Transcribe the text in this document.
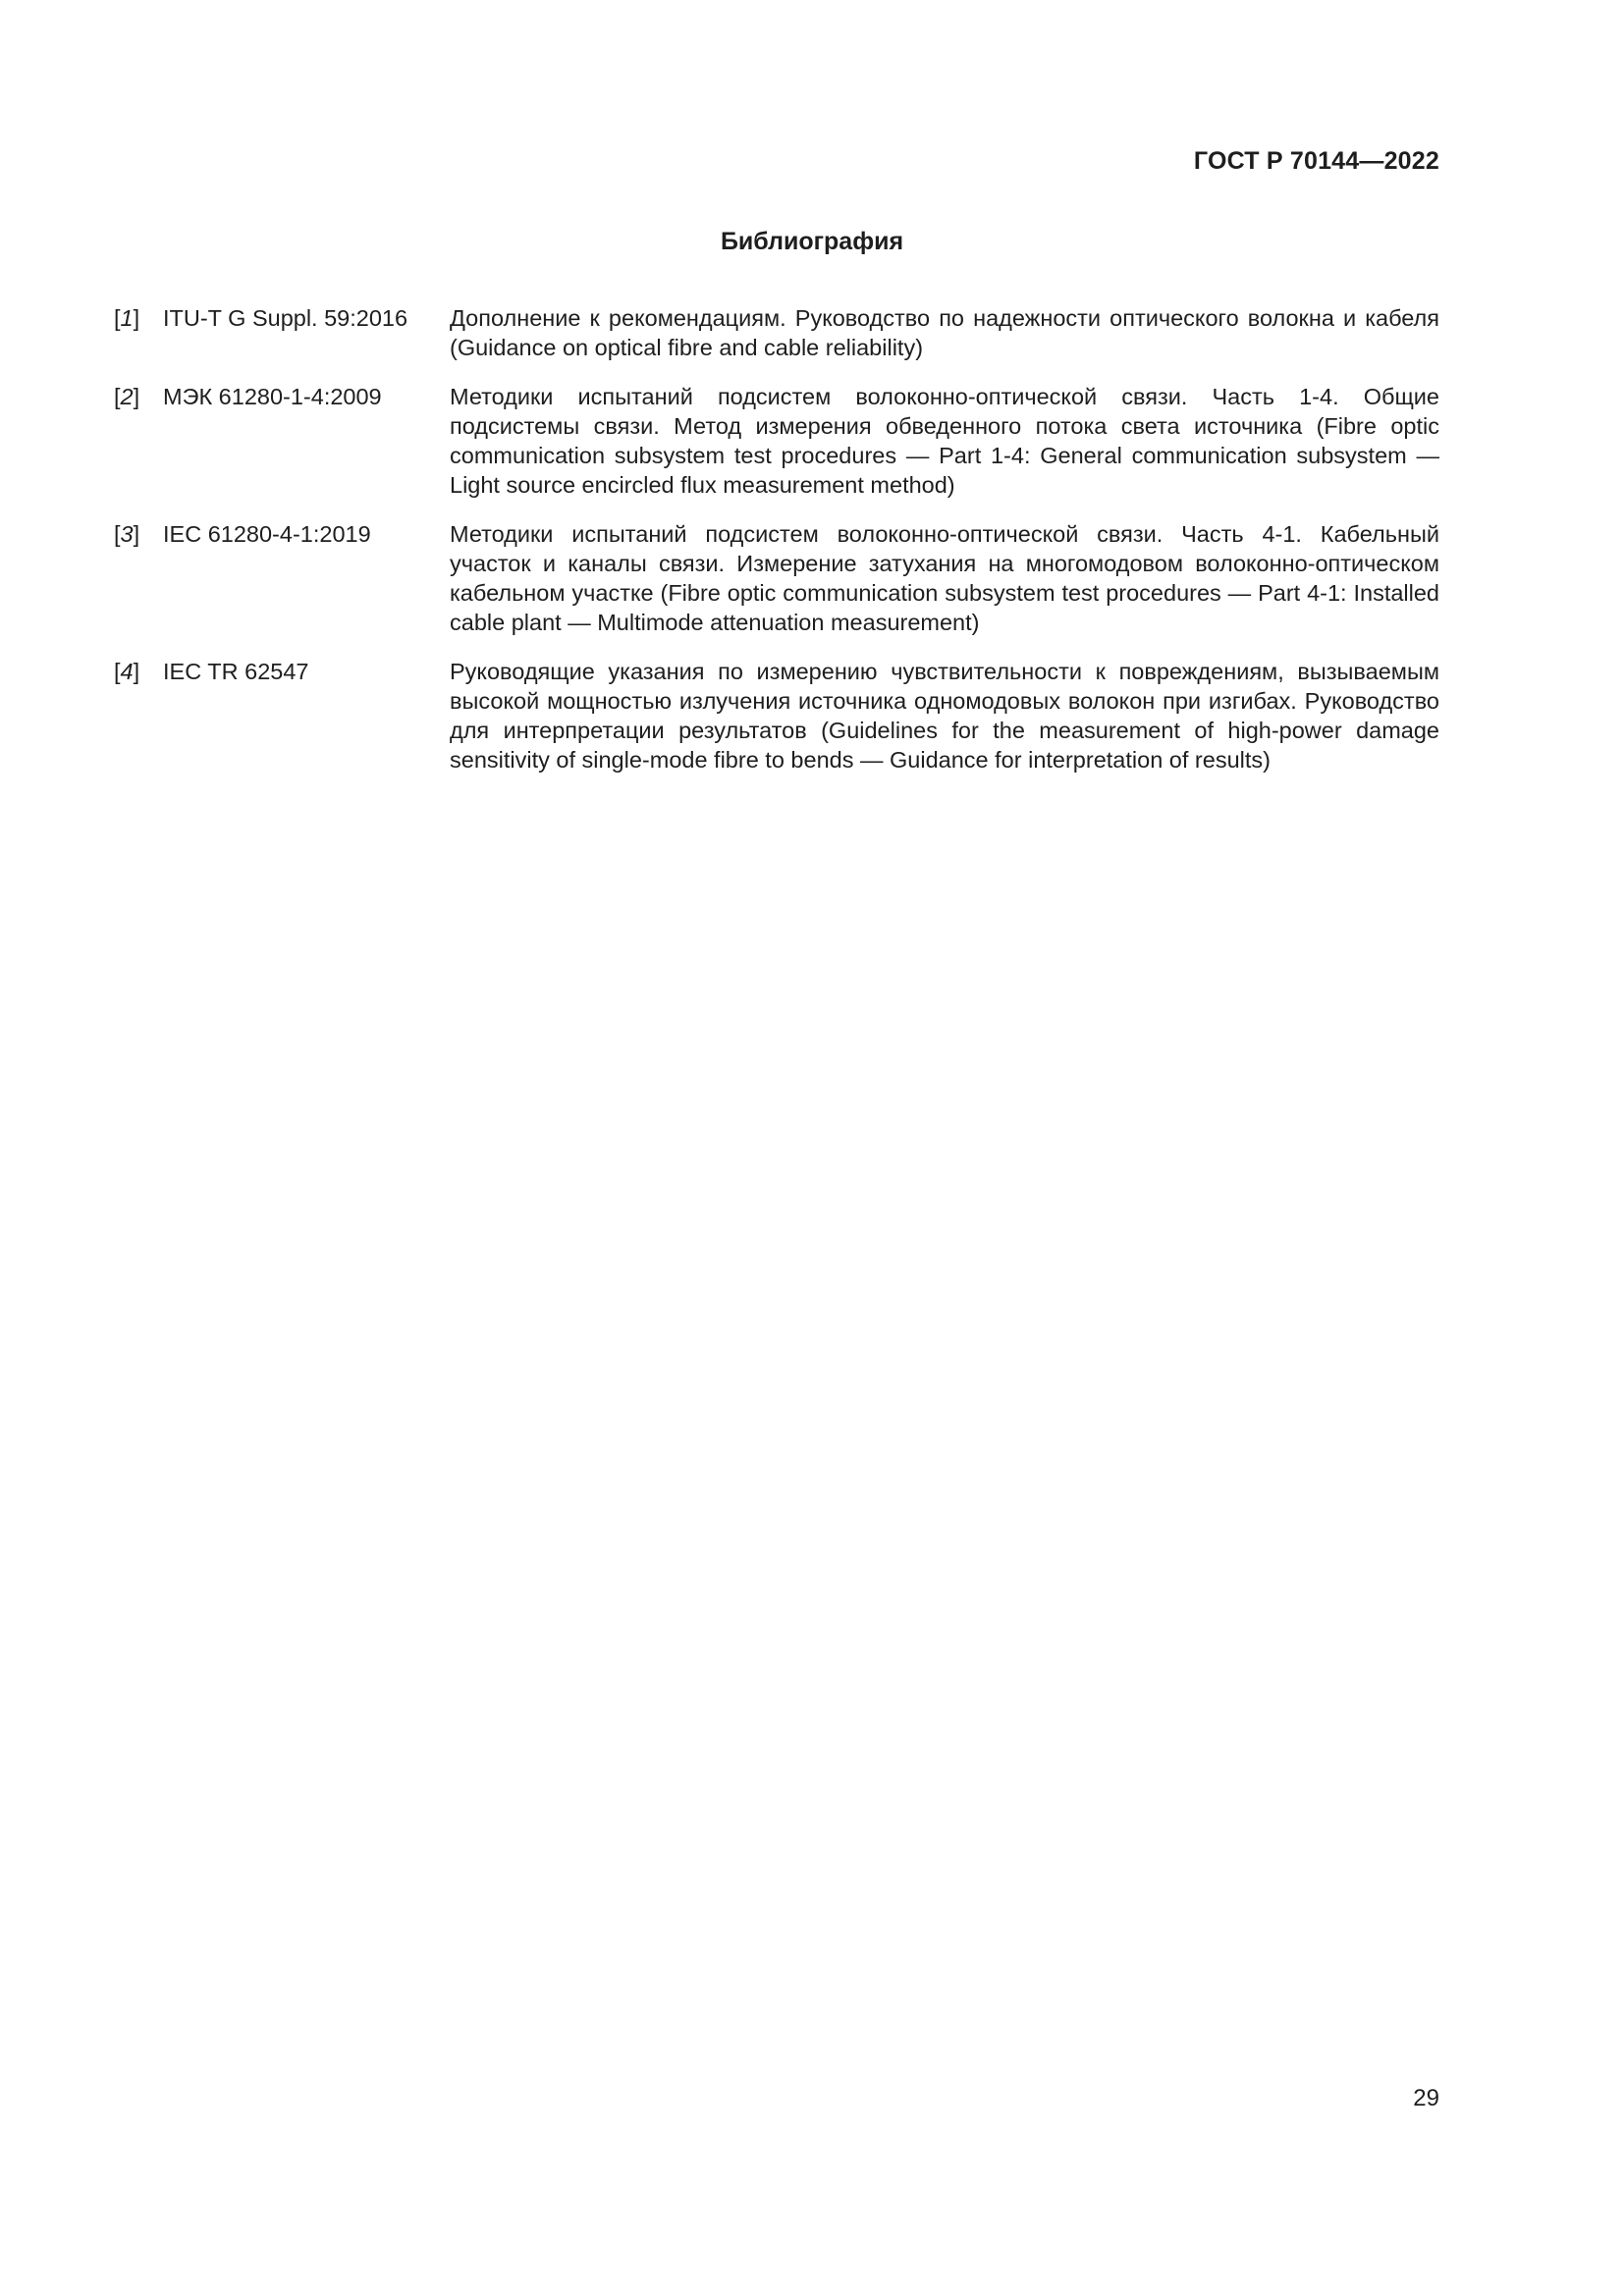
ГОСТ Р 70144—2022
Библиография
[1]	ITU-T G Suppl. 59:2016	Дополнение к рекомендациям. Руководство по надежности оптического волокна и кабеля (Guidance on optical fibre and cable reliability)
[2]	МЭК 61280-1-4:2009	Методики испытаний подсистем волоконно-оптической связи. Часть 1-4. Общие подсистемы связи. Метод измерения обведенного потока света источника (Fibre optic communication subsystem test procedures — Part 1-4: General communication subsystem — Light source encircled flux measurement method)
[3]	IEC 61280-4-1:2019	Методики испытаний подсистем волоконно-оптической связи. Часть 4-1. Кабельный участок и каналы связи. Измерение затухания на многомодовом волоконно-оптическом кабельном участке (Fibre optic communication subsystem test procedures — Part 4-1: Installed cable plant — Multimode attenuation measurement)
[4]	IEC TR 62547	Руководящие указания по измерению чувствительности к повреждениям, вызываемым высокой мощностью излучения источника одномодовых волокон при изгибах. Руководство для интерпретации результатов (Guidelines for the measurement of high-power damage sensitivity of single-mode fibre to bends — Guidance for interpretation of results)
29
